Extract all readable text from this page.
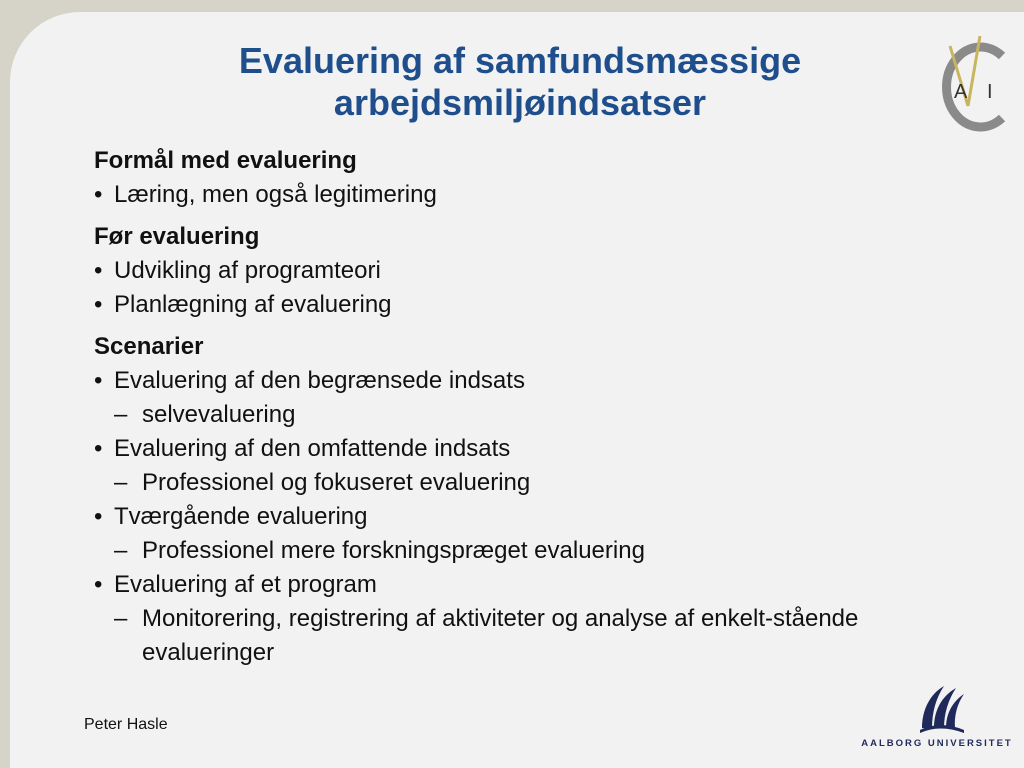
Evaluering af samfundsmæssige
arbejdsmiljøindsatser	A I
Formål med evaluering
• Læring, men også legitimering
Før evaluering
• Udvikling af programteori
• Planlægning af evaluering
Scenarier
• Evaluering af den begrænsede indsats
– selvevaluering
• Evaluering af den omfattende indsats
– Professionel og fokuseret evaluering
• Tværgående evaluering
– Professionel mere forskningspræget evaluering
• Evaluering af et program
– Monitorering, registrering af aktiviteter og analyse af enkelt-stående evalueringer
Peter Hasle
AALBORG UNIVERSITET
